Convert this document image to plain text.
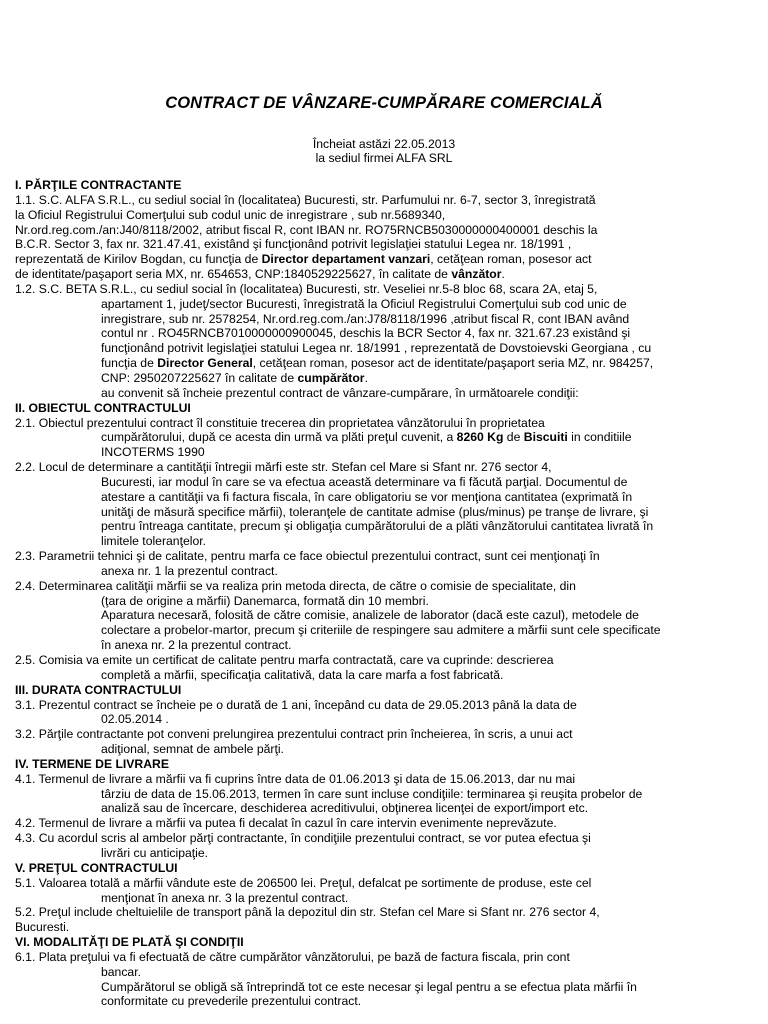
CONTRACT DE VÂNZARE-CUMPĂRARE COMERCIALĂ
Încheiat astăzi 22.05.2013
la sediul firmei ALFA SRL

I. PĂRŢILE CONTRACTANTE

1.1. S.C. ALFA S.R.L., cu sediul social în (localitatea) Bucuresti, str. Parfumului nr. 6-7, sector 3, înregistrată

la Oficiul Registrului Comerţului sub codul unic de inregistrare , sub nr.5689340,

Nr.ord.reg.com./an:J40/8118/2002, atribut fiscal R, cont IBAN nr. RO75RNCB5030000000400001 deschis la

B.C.R. Sector 3, fax nr. 321.47.41, existând şi funcţionând potrivit legislaţiei statului Legea nr. 18/1991 ,

reprezentată de Kirilov Bogdan, cu funcţia de Director departament vanzari, cetăţean roman, posesor act

de identitate/paşaport seria MX, nr. 654653, CNP:1840529225627, în calitate de vânzător.

1.2. S.C. BETA S.R.L., cu sediul social în (localitatea) Bucuresti, str. Veseliei nr.5-8 bloc 68, scara 2A, etaj 5,

apartament 1, judeţ/sector Bucuresti, înregistrată la Oficiul Registrului Comerţului sub cod unic de

inregistrare, sub nr. 2578254, Nr.ord.reg.com./an:J78/8118/1996 ,atribut fiscal R, cont IBAN având

contul nr . RO45RNCB7010000000900045, deschis la BCR Sector 4, fax nr. 321.67.23 existând şi

funcţionând potrivit legislaţiei statului Legea nr. 18/1991 , reprezentată de Dovstoievski Georgiana , cu

funcţia de Director General, cetăţean roman, posesor act de identitate/paşaport seria MZ, nr. 984257,

CNP: 2950207225627 în calitate de cumpărător.

au convenit să încheie prezentul contract de vânzare-cumpărare, în următoarele condiţii:

II. OBIECTUL CONTRACTULUI

2.1. Obiectul prezentului contract îl constituie trecerea din proprietatea vânzătorului în proprietatea

cumpărătorului, după ce acesta din urmă va plăti preţul cuvenit, a 8260 Kg de Biscuiti in conditiile

INCOTERMS 1990

2.2. Locul de determinare a cantităţii întregii mărfi este str. Stefan cel Mare si Sfant nr. 276 sector 4,

Bucuresti, iar modul în care se va efectua această determinare va fi făcută parţial. Documentul de

atestare a cantităţii va fi factura fiscala, în care obligatoriu se vor menţiona cantitatea (exprimată în

unităţi de măsură specifice mărfii), toleranţele de cantitate admise (plus/minus) pe tranşe de livrare, şi

pentru întreaga cantitate, precum şi obligaţia cumpărătorului de a plăti vânzătorului cantitatea livrată în

limitele toleranţelor.

2.3. Parametrii tehnici şi de calitate, pentru marfa ce face obiectul prezentului contract, sunt cei menţionaţi în

anexa nr. 1 la prezentul contract.

2.4. Determinarea calităţii mărfii se va realiza prin metoda directa, de către o comisie de specialitate, din

(ţara de origine a mărfii) Danemarca, formată din 10 membri.

Aparatura necesară, folosită de către comisie, analizele de laborator (dacă este cazul), metodele de

colectare a probelor-martor, precum şi criteriile de respingere sau admitere a mărfii sunt cele specificate

în anexa nr. 2 la prezentul contract.

2.5. Comisia va emite un certificat de calitate pentru marfa contractată, care va cuprinde: descrierea

completă a mărfii, specificaţia calitativă, data la care marfa a fost fabricată.

III. DURATA CONTRACTULUI

3.1. Prezentul contract se încheie pe o durată de 1 ani, începând cu data de 29.05.2013 până la data de

02.05.2014 .

3.2. Părţile contractante pot conveni prelungirea prezentului contract prin încheierea, în scris, a unui act

adiţional, semnat de ambele părţi.

IV. TERMENE DE LIVRARE

4.1. Termenul de livrare a mărfii va fi cuprins între data de 01.06.2013 şi data de 15.06.2013, dar nu mai

târziu de data de 15.06.2013, termen în care sunt incluse condiţiile: terminarea şi reuşita probelor de

analiză sau de încercare, deschiderea acreditivului, obţinerea licenţei de export/import etc.

4.2. Termenul de livrare a mărfii va putea fi decalat în cazul în care intervin evenimente neprevăzute.

4.3. Cu acordul scris al ambelor părţi contractante, în condiţiile prezentului contract, se vor putea efectua şi

livrări cu anticipaţie.

V. PREŢUL CONTRACTULUI

5.1. Valoarea totală a mărfii vândute este de 206500 lei. Preţul, defalcat pe sortimente de produse, este cel

menţionat în anexa nr. 3 la prezentul contract.

5.2. Preţul include cheltuielile de transport până la depozitul din str. Stefan cel Mare si Sfant nr. 276 sector 4,

Bucuresti.

VI. MODALITĂŢI DE PLATĂ ŞI CONDIŢII

6.1. Plata preţului va fi efectuată de către cumpărător vânzătorului, pe bază de factura fiscala, prin cont

bancar.

Cumpărătorul se obligă să întreprindă tot ce este necesar şi legal pentru a se efectua plata mărfii în

conformitate cu prevederile prezentului contract.
